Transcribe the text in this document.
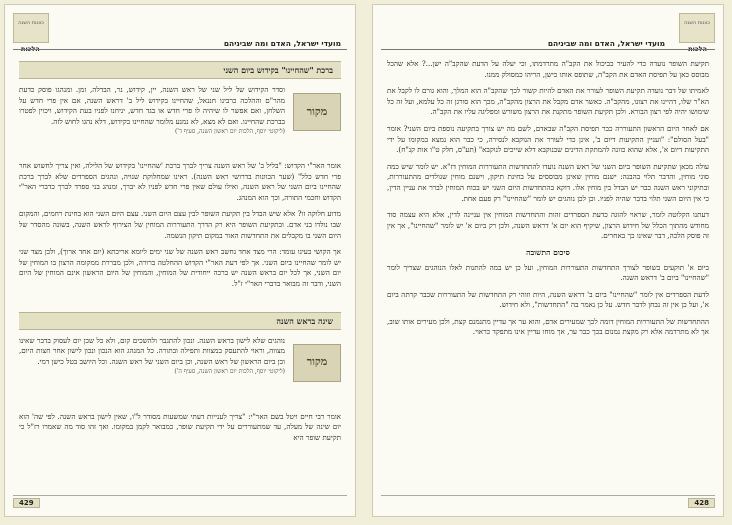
כוונות השנה
הלכות
מועדי ישראל, האדם ומה שביניהם
ברכת "שהחיינו" בקידוש ביום השני
מקור
וסדר הקידוש של ליל שני של ראש השנה, יין, קידוש, נר, הבדלה, זמן. ומנהגו פוסק כדעת מהר"ם וההלכה כרבינו חננאל, שהחיינו בקידוש ליל ב' דראש השנה, אם אין פרי חדש על השלחן, ואם אפשר לו שיהיה לו פרי חדש או בגד חדש, יניחנו לפניו בעת הקידוש, ויכוין לפטרו בברכת שהחיינו. ואם לא מצא, לא נמנע מלומר שהחיינו בקידוש, דלא נהגו לחוש לזה.
(ליקוטי יוסף, הלכות יום ראשון השנה, סעיף ד')

אומר האר"י הקדוש: "בליל ב' של ראש השנה צריך לברך ברכת 'שהחיינו' בקידוש של הלילה, ואין צריך לחשוש אחר פרי חדש כלל" (שער הכוונות בדרושי ראש השנה). ראינו שמחלוקת שנויה, ונהגים הספרדים שלא לברך ברכת שהחיינו ביום השני של ראש השנה, ואילו עולם שאין פרי חדש לפניו לא יברך, ומנהג בני ספרד לברך כדברי האר"י הקדוש וחכמי התורה, וכך הוא המנהג.

מדוע חלוקה זו? אלא שיש הבדל בין תקיעת השופר לבין עצם היום השני. עצם היום השני הוא בחינת רחמים, והמקום שבו נולדו בני אדם. ובתקיעת השופר היא רק הדרך התעוררות המוחין של הצירוף לראש השנה, בשונה מהסדר של היום השני בו מקבלים את התחדשות האור במקום תיקון הנשמה.

אך הקושי בעינו עומד: הרי מצד אחד נחשב ראש השנה של שני ימים ליומא אריכתא (יום אחד ארוך), ולכן מצד שני יש לומר שהחיינו ביום השני. אך לפי דעת האר"י הקדוש ההחלטה ברורה, ולכן מבררת ממקומה הרצון בו המוחין של יום השני, אך לכל יום בראש השנה יש ברכה ייחודית של המוחין, והמוחין של היום הראשון אינם המוחין של היום השני, ודבר זה מבואר בדברי האר"י ז"ל.

שינה בראש השנה
מקור
נוהגים שלא לישון בראש השנה. ונכון להתגבר ולהשכים קום, ולא כל שכן יום לעסוק בדבר שאינו מצווה, וראוי להתעסק במצוות ותפילה ובתורה. כל המנהג הוא הנכון ונכון לישון אחר חצות היום, וכן ביום הראשון של ראש השנה, וכן ביום השני של ראש השנה. וכל היושב בטל כישן דמי.
(ליקוטי יוסף, הלכות יום ראשון השנה, סעיף ה')

אומר רבי חיים ויטל בשם האר"י: "צריך לענייות דעתי שמשעות מסודר ל"ו, שאין לישון בראש השנה. לפי שה' הוא יום שינה של מעלה, עד שמתעוררים על ידי תקיעת שופר, כמבואר לקמן במקומו. ואך זהו סוד מה שאמרו רז"ל כי תקיעת שופר היא

429
כוונות השנה
הלכות
מועדי ישראל, האדם ומה שביניהם

תקיעת השופר נועדה כדי להעיר כביכול את הקב"ה מתרדמתו, וכי יעלה על הדעת שהקב"ה ישן...? אלא שהכל מבוסס כאן על תפיסת האדם את הקב"ה, שתופס אותו כישן, הריהו כמסולק ממנו.

לאמיתו של דבר נועדה תקיעת השופר לעורר את האדם להיות קשור לכך שהקב"ה הוא המלך, והוא גורם לו לקבל את הא"ר שלו, דהיינו את רצונו, מהקב"ה. כאשר אדם מקבל את הרצון מהקב"ה, מכך הוא סורגן זה כל עלמא, ועל זה כל שימושו יהיה לפי רצון הבורא. ולכן תקיעת השופר מתקנת את הרצון משורש ומפליגה עליו את הקב"ה.

אם לאחר היום הראשון התעוררה כבר תפיסת הקב"ה שבאדם, לשם מה יש צורך בתקיעה נוספת ביום השני? אומר "בעל הסולם": "ועניין התקיעות דיום ב', אינן כדי לעורר את הנוקבא לנסירה, כי כבר הוא נמצא במקומו על ידי התקיעות דיום א', אלא שהוא כוונה להמתקת הדינים שבנוקבא דלא שייכים לנוקבא" (תע"ס, חלק ט"ו אות קנ"ח).

עולה מכאן שתקיעת השופר ביום השני של ראש השנה נועדו להתחדשות התעוררות המוחין דז"א. יש לומר שיש כמה סוגי מוחין, והדבר תלוי בהבנה: ישנם מוחין שאינן מבוססים על בחינת תיקון, וישנם מוחין שנולדים מהתעוררות, ובתיקוני ראש השנה כבר יש הבדל בין מוחין אלו. דוקא בהתחדשות היום השני יש בכוח המוחין לברר את עניין הדין, כי אין היום השני תלוי בדבר שהיה לפניו. וכן לכן נוהגים יש לומר "שהחיינו" רק פעם אחת.

דעתנו הקלוטה לומר, שראוי להוגה כדעת הספרדים זהות והתחדשות המוחין אין עניינה לדין, אלא היא עצמה סוד מחודש מהתוך הכלל של חידוש הרצון, שיקיף הוא יום א' דראש השנה, ולכן רק ביום א' יש לומר "שהחיינו", אך אין זה פוסק הלכה, דבר שאינו כך באחרים.

סיכום התשובה

ביום א' תוקעים בשופר לצורך התחדשות התעוררות המוחין, ועל כן יש במה להתנות לאלו הנוהגים שצריך לומר "שהחיינו" ביום ב' דראש השנה.

לדעת הספרדים אין לומר "שהחיינו" ביום ב' דראש השנה, היות וזוהי רק התחדשות של התעוררות שכבר קרתה ביום א', ועל כן אין זה נבחן לדבר חדש. על כן נאמר בה "התחדשות", ולא חידוש.

ההתחדשות של התעוררות המוחין דומה לכך שמעירים אדם, והוא ער אך עדיין מתנמנם קצת, ולכן מעירים אותו שוב, אך לא מתרדמה אלא רק מקצת נמנום בכך כבר ער, אך מוחו עדיין אינו מתפקד כראוי.

428
